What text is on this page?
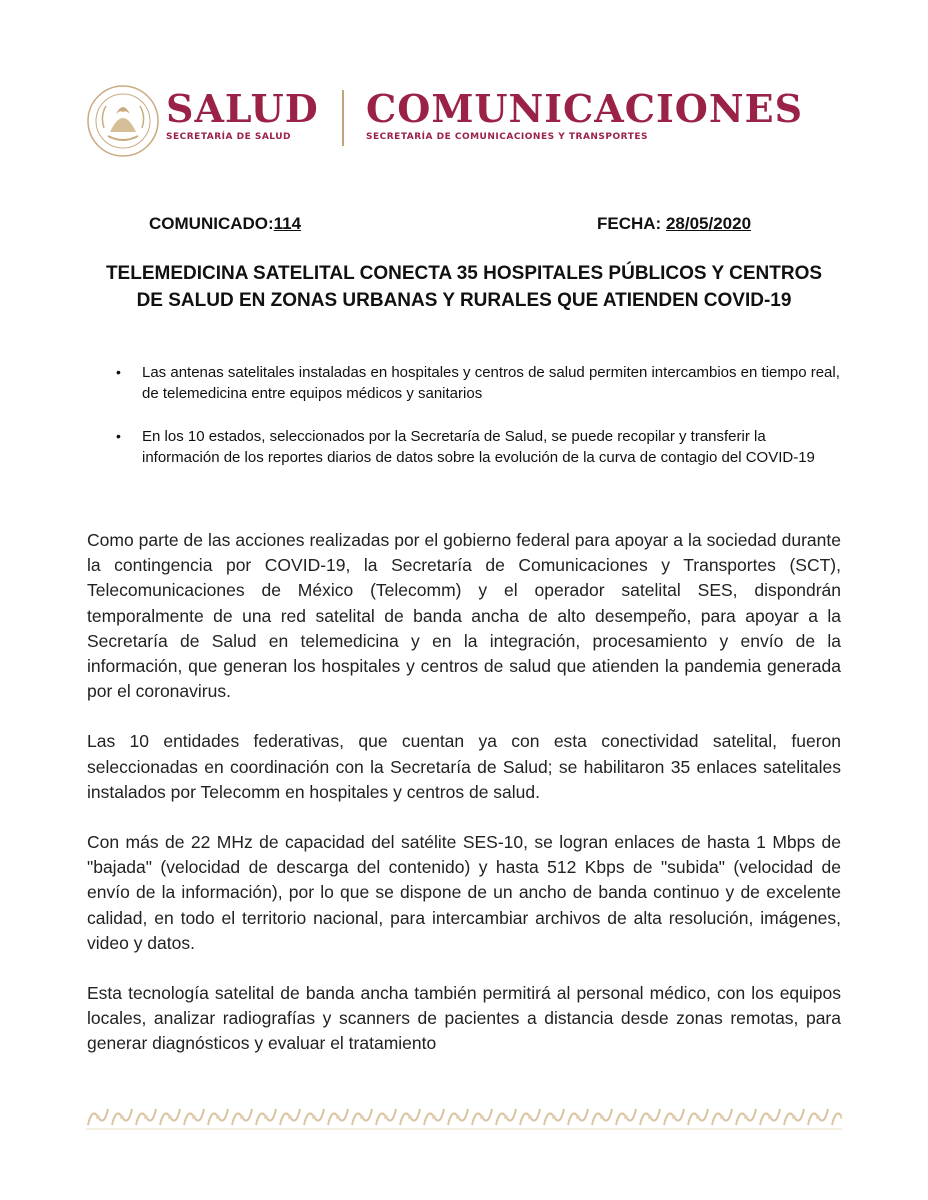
SALUD
SECRETARÍA DE SALUD
COMUNICACIONES
SECRETARÍA DE COMUNICACIONES Y TRANSPORTES
COMUNICADO:114	FECHA: 28/05/2020
TELEMEDICINA SATELITAL CONECTA 35 HOSPITALES PÚBLICOS Y CENTROS DE SALUD EN ZONAS URBANAS Y RURALES QUE ATIENDEN COVID-19
• Las antenas satelitales instaladas en hospitales y centros de salud permiten intercambios en tiempo real, de telemedicina entre equipos médicos y sanitarios
• En los 10 estados, seleccionados por la Secretaría de Salud, se puede recopilar y transferir la información de los reportes diarios de datos sobre la evolución de la curva de contagio del COVID-19

Como parte de las acciones realizadas por el gobierno federal para apoyar a la sociedad durante la contingencia por COVID-19, la Secretaría de Comunicaciones y Transportes (SCT), Telecomunicaciones de México (Telecomm) y el operador satelital SES, dispondrán temporalmente de una red satelital de banda ancha de alto desempeño, para apoyar a la Secretaría de Salud en telemedicina y en la integración, procesamiento y envío de la información, que generan los hospitales y centros de salud que atienden la pandemia generada por el coronavirus.

Las 10 entidades federativas, que cuentan ya con esta conectividad satelital, fueron seleccionadas en coordinación con la Secretaría de Salud; se habilitaron 35 enlaces satelitales instalados por Telecomm en hospitales y centros de salud.

Con más de 22 MHz de capacidad del satélite SES-10, se logran enlaces de hasta 1 Mbps de "bajada" (velocidad de descarga del contenido) y hasta 512 Kbps de "subida" (velocidad de envío de la información), por lo que se dispone de un ancho de banda continuo y de excelente calidad, en todo el territorio nacional, para intercambiar archivos de alta resolución, imágenes, video y datos.

Esta tecnología satelital de banda ancha también permitirá al personal médico, con los equipos locales, analizar radiografías y scanners de pacientes a distancia desde zonas remotas, para generar diagnósticos y evaluar el tratamiento
